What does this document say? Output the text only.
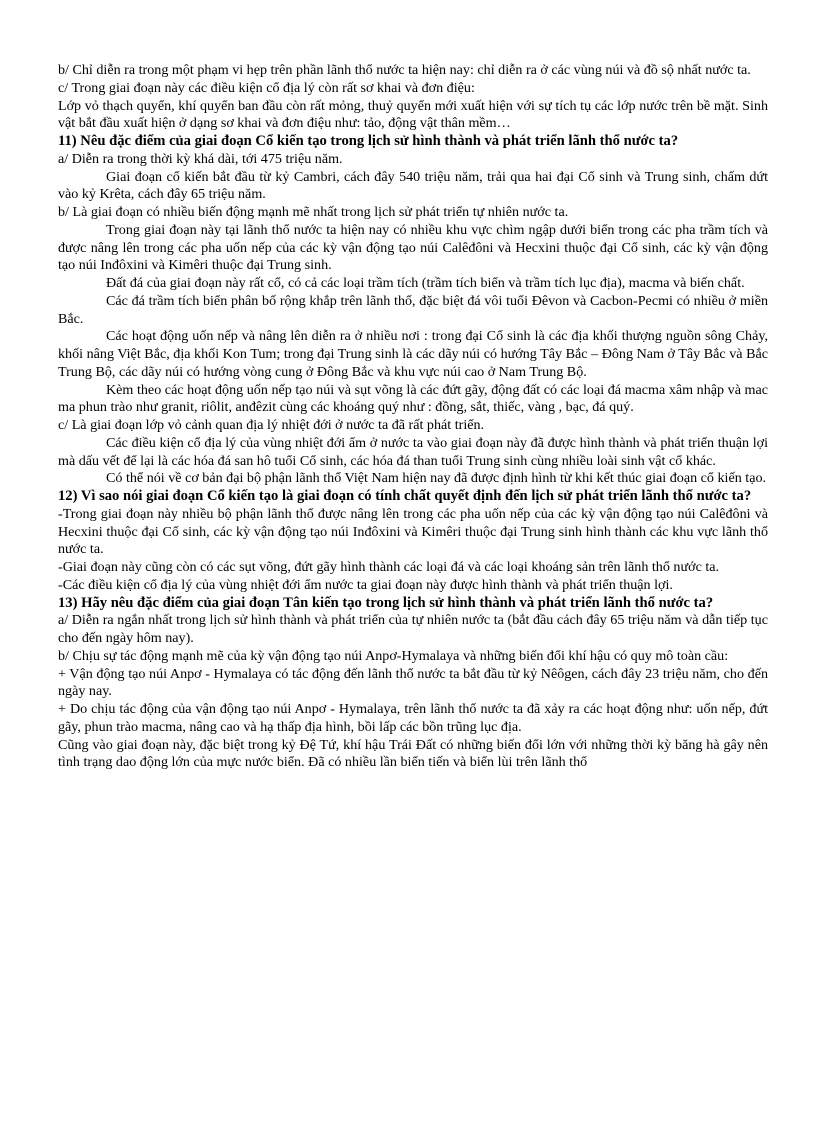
b/ Chỉ diễn ra trong một phạm vi hẹp trên phần lãnh thổ nước ta hiện nay: chỉ diễn ra ở các vùng núi và đồ sộ nhất nước ta.

c/ Trong giai đoạn này các điều kiện cổ địa lý còn rất sơ khai và đơn điệu:

Lớp vỏ thạch quyển, khí quyển ban đầu còn rất mỏng, thuỷ quyển mới xuất hiện với sự tích tụ các lớp nước trên bề mặt. Sinh vật bắt đầu xuất hiện ở dạng sơ khai và đơn điệu như: tảo, động vật thân mềm…

11) Nêu đặc điểm của giai đoạn Cổ kiến tạo trong lịch sử hình thành và phát triển lãnh thổ nước ta?

a/ Diễn ra trong thời kỳ khá dài, tới 475 triệu năm.

Giai đoạn cổ kiến bắt đầu từ kỷ Cambri, cách đây 540 triệu năm, trải qua hai đại Cổ sinh và Trung sinh, chấm dứt vào kỷ Krêta, cách đây 65 triệu năm.

b/ Là giai đoạn có nhiều biến động mạnh mẽ nhất trong lịch sử phát triển tự nhiên nước ta.

Trong giai đoạn này tại lãnh thổ nước ta hiện nay có nhiều khu vực chìm ngập dưới biển trong các pha trầm tích và được nâng lên trong các pha uốn nếp của các kỳ vận động tạo núi Calêđôni và Hecxini thuộc đại Cổ sinh, các kỳ vận động tạo núi Inđôxini và Kimêri thuộc đại Trung sinh.

Đất đá của giai đoạn này rất cổ, có cả các loại trầm tích (trầm tích biển và trầm tích lục địa), macma và biến chất.

Các đá trầm tích biển phân bố rộng khắp trên lãnh thổ, đặc biệt đá vôi tuổi Đêvon và Cacbon-Pecmi có nhiều ở miền Bắc.

Các hoạt động uốn nếp và nâng lên diễn ra ở nhiều nơi : trong đại Cổ sinh là các địa khối thượng nguồn sông Chảy, khối nâng Việt Bắc, địa khối Kon Tum; trong đại Trung sinh là các dãy núi có hướng Tây Bắc – Đông Nam ở Tây Bắc và Bắc Trung Bộ, các dãy núi có hướng vòng cung ở Đông Bắc và khu vực núi cao ở Nam Trung Bộ.

Kèm theo các hoạt động uốn nếp tạo núi và sụt võng là các đứt gãy, động đất có các loại đá macma xâm nhập và mac ma phun trào như granit, riôlit, anđêzit cùng các khoáng quý như : đồng, sắt, thiếc, vàng , bạc, đá quý.

c/ Là giai đoạn lớp vỏ cảnh quan địa lý nhiệt đới ở nước ta đã rất phát triển.

Các điều kiện cổ địa lý của vùng nhiệt đới ẩm ở nước ta vào giai đoạn này đã được hình thành và phát triển thuận lợi mà dấu vết để lại là các hóa đá san hô tuổi Cổ sinh, các hóa đá than tuổi Trung sinh cùng nhiều loài sinh vật cổ khác.

Có thể nói về cơ bản đại bộ phận lãnh thổ Việt Nam hiện nay đã được định hình từ khi kết thúc giai đoạn cổ kiến tạo.

12) Vì sao nói giai đoạn Cổ kiến tạo là giai đoạn có tính chất quyết định đến lịch sử phát triển lãnh thổ nước ta?

-Trong giai đoạn này nhiều bộ phận lãnh thổ được nâng lên trong các pha uốn nếp của các kỳ vận động tạo núi Calêđôni và Hecxini thuộc đại Cổ sinh, các kỳ vận động tạo núi Inđôxini và Kimêri thuộc đại Trung sinh hình thành các khu vực lãnh thổ nước ta.

-Giai đoạn này cũng còn có các sụt võng, đứt gãy hình thành các loại đá và các loại khoáng sản trên lãnh thổ nước ta.

-Các điều kiện cổ địa lý của vùng nhiệt đới ẩm nước ta giai đoạn này được hình thành và phát triển thuận lợi.

13) Hãy nêu đặc điểm của giai đoạn Tân kiến tạo trong lịch sử hình thành và phát triển lãnh thổ nước ta?

a/ Diễn ra ngắn nhất trong lịch sử hình thành và phát triển của tự nhiên nước ta (bắt đầu cách đây 65 triệu năm và dẫn tiếp tục cho đến ngày hôm nay).

b/ Chịu sự tác động mạnh mẽ của kỳ vận động tạo núi Anpơ-Hymalaya và những biến đổi khí hậu có quy mô toàn cầu:

+ Vận động tạo núi Anpơ - Hymalaya có tác động đến lãnh thổ nước ta bắt đầu từ kỷ Nêôgen, cách đây 23 triệu năm, cho đến ngày nay.

+ Do chịu tác động của vận động tạo núi Anpơ - Hymalaya, trên lãnh thổ nước ta đã xảy ra các hoạt động như: uốn nếp, đứt gãy, phun trào macma, nâng cao và hạ thấp địa hình, bồi lấp các bồn trũng lục địa.

Cũng vào giai đoạn này, đặc biệt trong kỷ Đệ Tứ, khí hậu Trái Đất có những biến đổi lớn với những thời kỳ băng hà gây nên tình trạng dao động lớn của mực nước biển. Đã có nhiều lần biển tiến và biển lùi trên lãnh thổ
